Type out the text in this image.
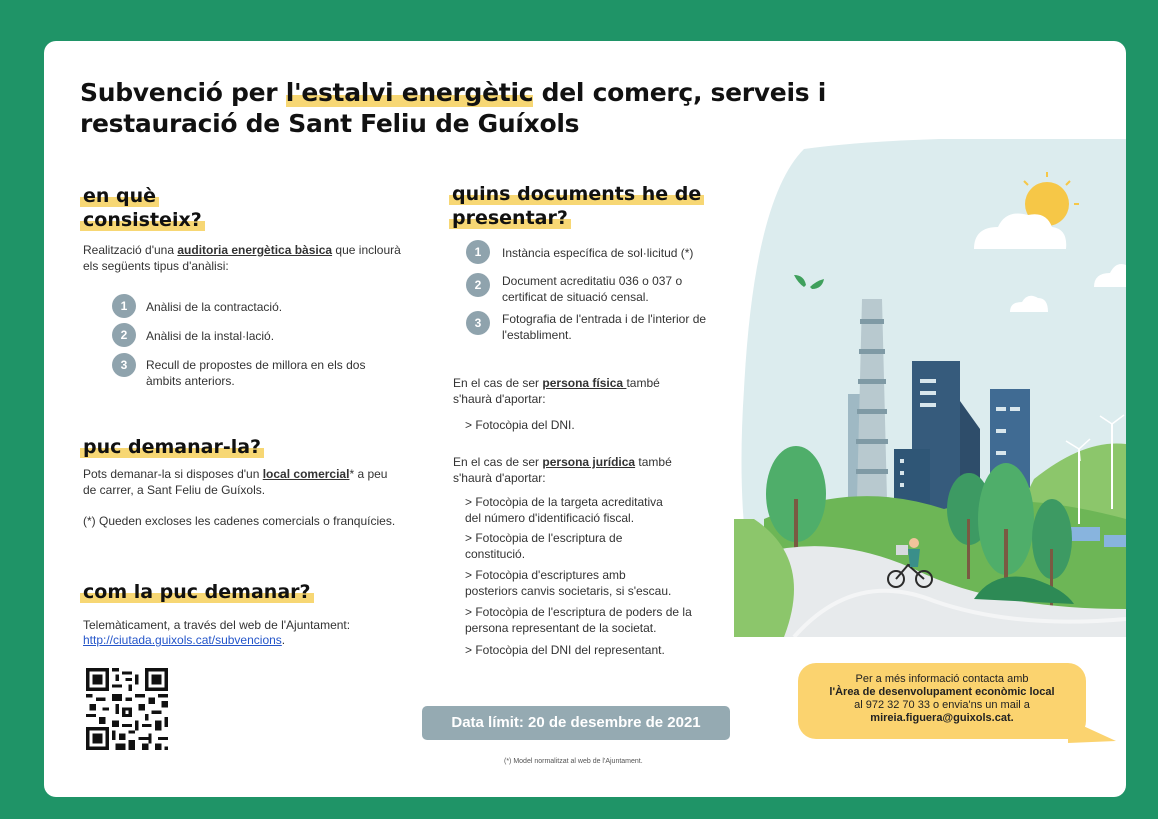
Subvenció per l'estalvi energètic del comerç, serveis i restauració de Sant Feliu de Guíxols
en què
consisteix?
Realització d'una auditoria energètica bàsica que inclourà els següents tipus d'anàlisi:
1	Anàlisi de la contractació.
2	Anàlisi de la instal·lació.
3	Recull de propostes de millora en els dos àmbits anteriors.
puc demanar-la?
Pots demanar-la si disposes d'un local comercial* a peu de carrer, a Sant Feliu de Guíxols.
(*) Queden excloses les cadenes comercials o franquícies.
com la puc demanar?
Telemàticament, a través del web de l'Ajuntament:
http://ciutada.guixols.cat/subvencions.
quins documents he de
presentar?
1	Instància específica de sol·licitud (*)
2	Document acreditatiu 036 o 037 o certificat de situació censal.
3	Fotografia de l'entrada i de l'interior de l'establiment.
En el cas de ser persona física també s'haurà d'aportar:
> Fotocòpia del DNI.
En el cas de ser persona jurídica també s'haurà d'aportar:
> Fotocòpia de la targeta acreditativa del número d'identificació fiscal.
> Fotocòpia de l'escriptura de constitució.
> Fotocòpia d'escriptures amb posteriors canvis societaris, si s'escau.
> Fotocòpia de l'escriptura de poders de la persona representant de la societat.
> Fotocòpia del DNI del representant.
Data límit: 20 de desembre de 2021
(*) Model normalitzat al web de l'Ajuntament.
Per a més informació contacta amb
l'Àrea de desenvolupament econòmic local
al 972 32 70 33 o envia'ns un mail a
mireia.figuera@guixols.cat.
